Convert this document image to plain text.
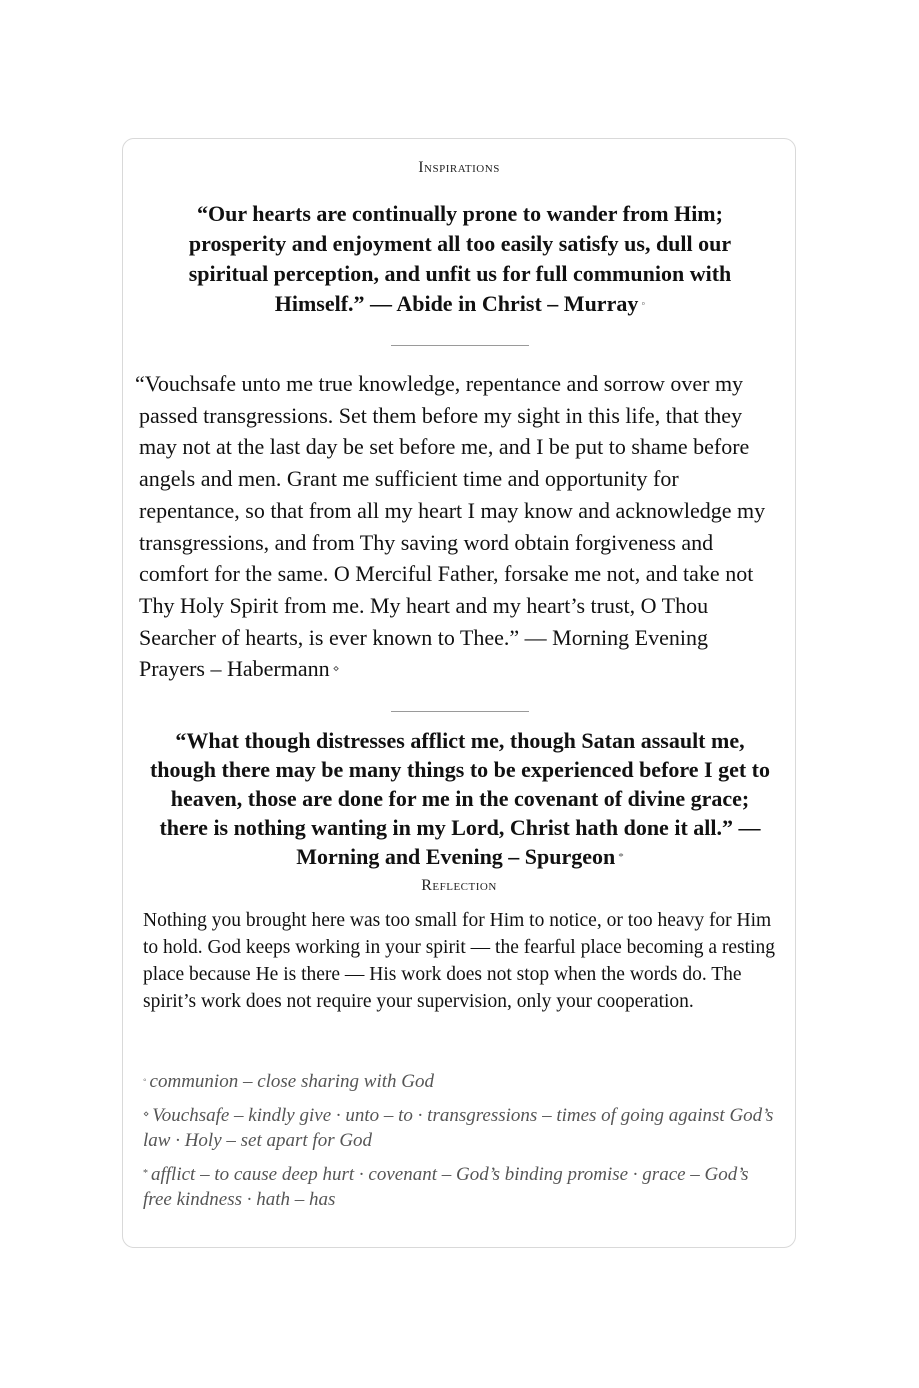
Inspirations
“Our hearts are continually prone to wander from Him; prosperity and enjoyment all too easily satisfy us, dull our spiritual perception, and unfit us for full communion with Himself.” — Abide in Christ – Murray ◦
“Vouchsafe unto me true knowledge, repentance and sorrow over my passed transgressions. Set them before my sight in this life, that they may not at the last day be set before me, and I be put to shame before angels and men. Grant me sufficient time and opportunity for repentance, so that from all my heart I may know and acknowledge my transgressions, and from Thy saving word obtain forgiveness and comfort for the same. O Merciful Father, forsake me not, and take not Thy Holy Spirit from me. My heart and my heart’s trust, O Thou Searcher of hearts, is ever known to Thee.” — Morning Evening Prayers – Habermann ⋄
“What though distresses afflict me, though Satan assault me, though there may be many things to be experienced before I get to heaven, those are done for me in the covenant of divine grace; there is nothing wanting in my Lord, Christ hath done it all.” — Morning and Evening – Spurgeon *
Reflection
Nothing you brought here was too small for Him to notice, or too heavy for Him to hold. God keeps working in your spirit — the fearful place becoming a resting place because He is there — His work does not stop when the words do. The spirit’s work does not require your supervision, only your cooperation.
◦ communion – close sharing with God
⋄ Vouchsafe – kindly give · unto – to · transgressions – times of going against God’s law · Holy – set apart for God
* afflict – to cause deep hurt · covenant – God’s binding promise · grace – God’s free kindness · hath – has
